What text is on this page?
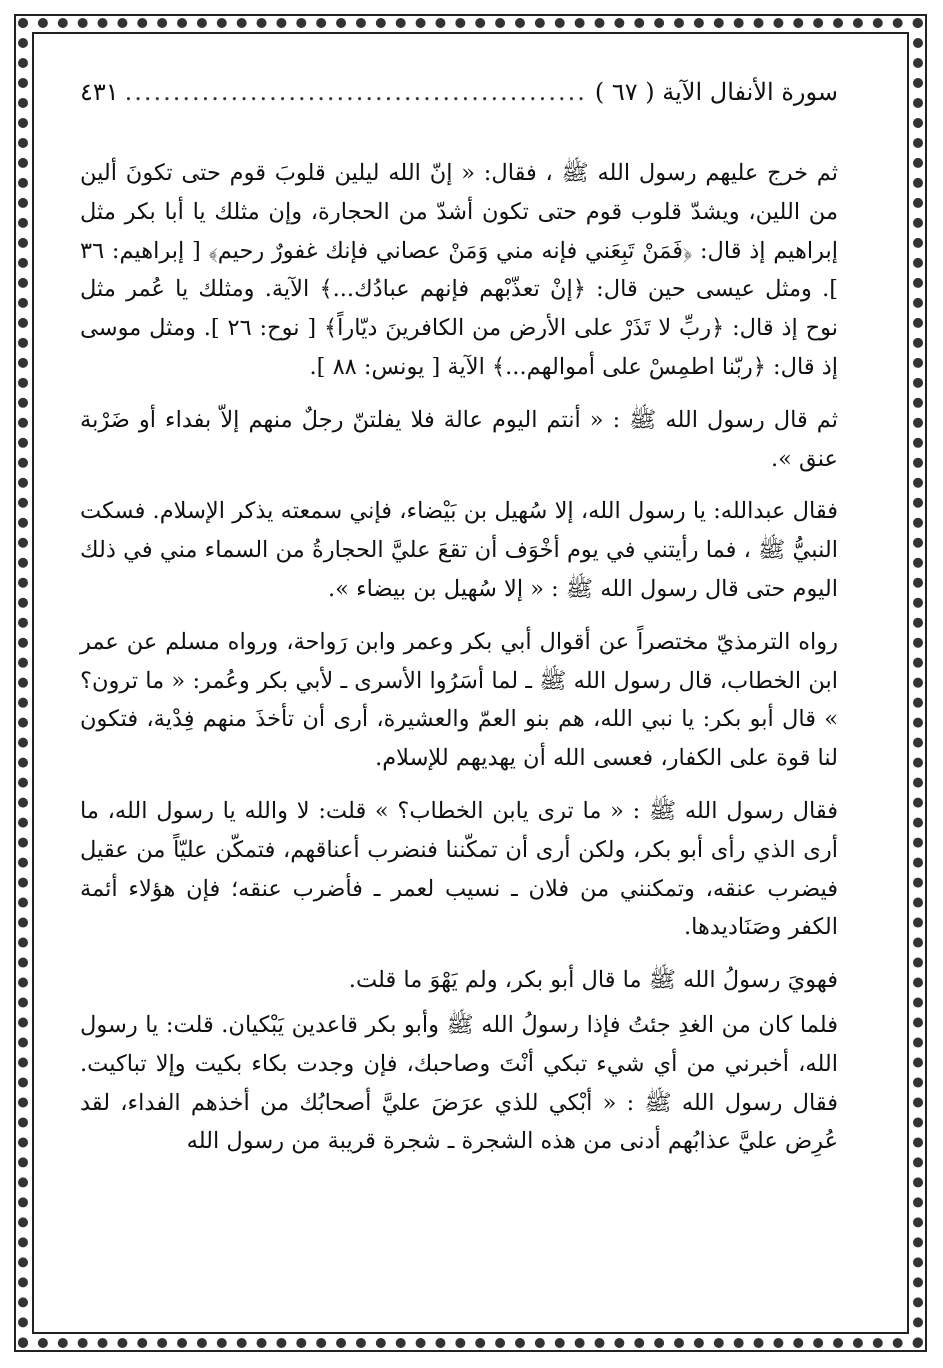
سورة الأنفال الآية ( ٦٧ )
.....
٤٣١

ثم خرج عليهم رسول الله ﷺ ، فقال: « إنّ الله ليلين قلوبَ قوم حتى تكونَ ألين من اللين، ويشدّ قلوب قوم حتى تكون أشدّ من الحجارة، وإن مثلك يا أبا بكر مثل إبراهيم إذ قال: ﴿فَمَنْ تَبِعَني فإنه مني وَمَنْ عصاني فإنك غفورٌ رحيم﴾ [ إبراهيم: ٣٦ ]. ومثل عيسى حين قال: ﴿إنْ تعذّبْهم فإنهم عبادُك...﴾ الآية. ومثلك يا عُمر مثل نوح إذ قال: ﴿ربِّ لا تَذَرْ على الأرض من الكافرينَ ديّاراً﴾ [ نوح: ٢٦ ]. ومثل موسى إذ قال: ﴿ربّنا اطمِسْ على أموالهم...﴾ الآية [ يونس: ٨٨ ].

ثم قال رسول الله ﷺ : « أنتم اليوم عالة فلا يفلتنّ رجلٌ منهم إلاّ بفداء أو ضَرْبة عنق ».

فقال عبدالله: يا رسول الله، إلا سُهيل بن بَيْضاء، فإني سمعته يذكر الإسلام. فسكت النبيُّ ﷺ ، فما رأيتني في يوم أخْوَف أن تقعَ عليَّ الحجارةُ من السماء مني في ذلك اليوم حتى قال رسول الله ﷺ : « إلا سُهيل بن بيضاء ».

رواه الترمذيّ مختصراً عن أقوال أبي بكر وعمر وابن رَواحة، ورواه مسلم عن عمر ابن الخطاب، قال رسول الله ﷺ ـ لما أسَرُوا الأسرى ـ لأبي بكر وعُمر: « ما ترون؟ » قال أبو بكر: يا نبي الله، هم بنو العمّ والعشيرة، أرى أن تأخذَ منهم فِدْية، فتكون لنا قوة على الكفار، فعسى الله أن يهديهم للإسلام.

فقال رسول الله ﷺ : « ما ترى يابن الخطاب؟ » قلت: لا والله يا رسول الله، ما أرى الذي رأى أبو بكر، ولكن أرى أن تمكّننا فنضرب أعناقهم، فتمكّن عليّاً من عقيل فيضرب عنقه، وتمكنني من فلان ـ نسيب لعمر ـ فأضرب عنقه؛ فإن هؤلاء أئمة الكفر وصَنَاديدها.

فهويَ رسولُ الله ﷺ ما قال أبو بكر، ولم يَهْوَ ما قلت.

فلما كان من الغدِ جئتُ فإذا رسولُ الله ﷺ وأبو بكر قاعدين يَبْكيان. قلت: يا رسول الله، أخبرني من أي شيء تبكي أنْتَ وصاحبك، فإن وجدت بكاء بكيت وإلا تباكيت. فقال رسول الله ﷺ : « أبْكي للذي عرَضَ عليَّ أصحابُك من أخذهم الفداء، لقد عُرِض عليَّ عذابُهم أدنى من هذه الشجرة ـ شجرة قريبة من رسول الله
